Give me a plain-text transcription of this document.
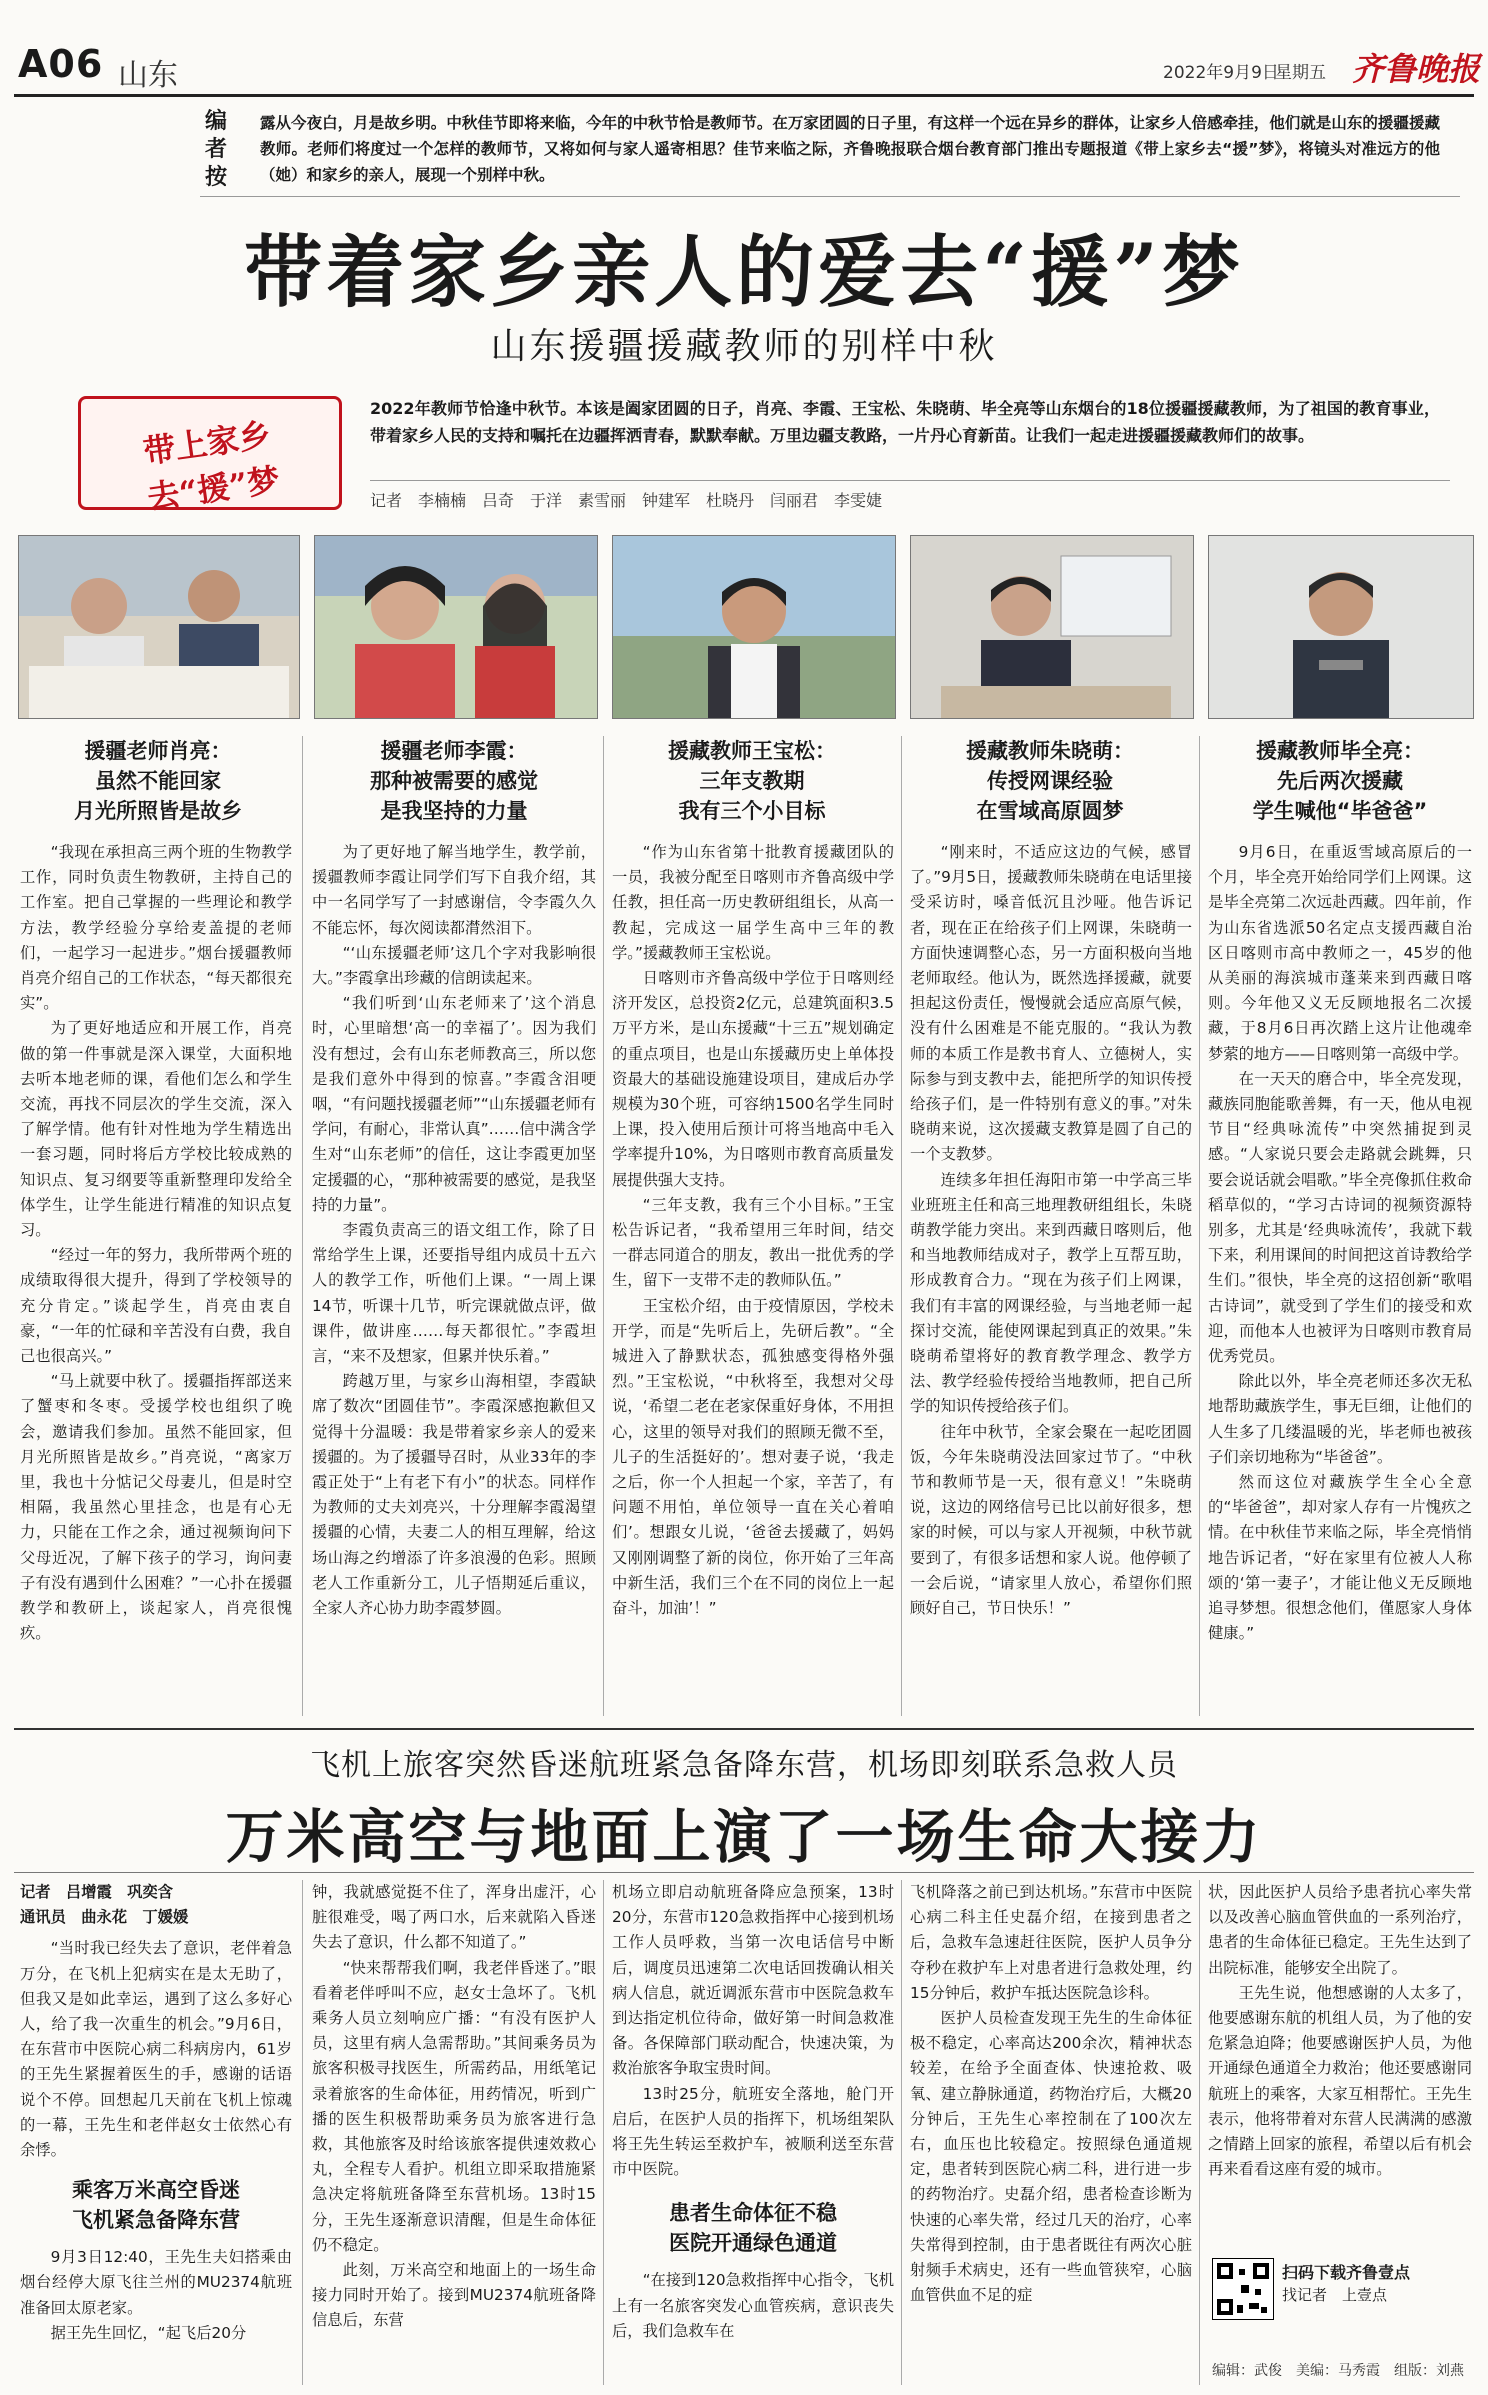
A06 山东	2022年9月9日
星期五 齐鲁晚报
编者按
露从今夜白，月是故乡明。中秋佳节即将来临，今年的中秋节恰是教师节。在万家团圆的日子里，有这样一个远在异乡的群体，让家乡人倍感牵挂，他们就是山东的援疆援藏教师。老师们将度过一个怎样的教师节，又将如何与家人遥寄相思？佳节来临之际，齐鲁晚报联合烟台教育部门推出专题报道《带上家乡去“援”梦》，将镜头对准远方的他（她）和家乡的亲人，展现一个别样中秋。
带着家乡亲人的爱去“援”梦
山东援疆援藏教师的别样中秋
带上家乡去“援”梦
2022年教师节恰逢中秋节。本该是阖家团圆的日子，肖亮、李霞、王宝松、朱晓萌、毕全亮等山东烟台的18位援疆援藏教师，为了祖国的教育事业，带着家乡人民的支持和嘱托在边疆挥洒青春，默默奉献。万里边疆支教路，一片丹心育新苗。让我们一起走进援疆援藏教师们的故事。
记者　李楠楠　吕奇　于洋　素雪丽　钟建军　杜晓丹　闫丽君　李雯婕
援疆老师肖亮：
虽然不能回家
月光所照皆是故乡
援疆老师李霞：
那种被需要的感觉
是我坚持的力量
援藏教师王宝松：
三年支教期
我有三个小目标
援藏教师朱晓萌：
传授网课经验
在雪域高原圆梦
援藏教师毕全亮：
先后两次援藏
学生喊他“毕爸爸”

“我现在承担高三两个班的生物教学工作，同时负责生物教研，主持自己的工作室。把自己掌握的一些理论和教学方法，教学经验分享给麦盖提的老师们，一起学习一起进步。”烟台援疆教师肖亮介绍自己的工作状态，“每天都很充实”。

为了更好地适应和开展工作，肖亮做的第一件事就是深入课堂，大面积地去听本地老师的课，看他们怎么和学生交流，再找不同层次的学生交流，深入了解学情。他有针对性地为学生精选出一套习题，同时将后方学校比较成熟的知识点、复习纲要等重新整理印发给全体学生，让学生能进行精准的知识点复习。

“经过一年的努力，我所带两个班的成绩取得很大提升，得到了学校领导的充分肯定。”谈起学生，肖亮由衷自豪，“一年的忙碌和辛苦没有白费，我自己也很高兴。”

“马上就要中秋了。援疆指挥部送来了蟹枣和冬枣。受援学校也组织了晚会，邀请我们参加。虽然不能回家，但月光所照皆是故乡。”肖亮说，“离家万里，我也十分惦记父母妻儿，但是时空相隔，我虽然心里挂念，也是有心无力，只能在工作之余，通过视频询问下父母近况，了解下孩子的学习，询问妻子有没有遇到什么困难？”一心扑在援疆教学和教研上，谈起家人，肖亮很愧疚。

为了更好地了解当地学生，教学前，援疆教师李霞让同学们写下自我介绍，其中一名同学写了一封感谢信，令李霞久久不能忘怀，每次阅读都潸然泪下。

“‘山东援疆老师’这几个字对我影响很大。”李霞拿出珍藏的信朗读起来。

“我们听到‘山东老师来了’这个消息时，心里暗想‘高一的幸福了’。因为我们没有想过，会有山东老师教高三，所以您是我们意外中得到的惊喜。”李霞含泪哽咽，“有问题找援疆老师”“山东援疆老师有学问，有耐心，非常认真”……信中满含学生对“山东老师”的信任，这让李霞更加坚定援疆的心，“那种被需要的感觉，是我坚持的力量”。

李霞负责高三的语文组工作，除了日常给学生上课，还要指导组内成员十五六人的教学工作，听他们上课。“一周上课14节，听课十几节，听完课就做点评，做课件，做讲座……每天都很忙。”李霞坦言，“来不及想家，但累并快乐着。”

跨越万里，与家乡山海相望，李霞缺席了数次“团圆佳节”。李霞深感抱歉但又觉得十分温暖：我是带着家乡亲人的爱来援疆的。为了援疆导召时，从业33年的李霞正处于“上有老下有小”的状态。同样作为教师的丈夫刘亮兴，十分理解李霞渴望援疆的心情，夫妻二人的相互理解，给这场山海之约增添了许多浪漫的色彩。照顾老人工作重新分工，儿子悟期延后重议，全家人齐心协力助李霞梦圆。

“作为山东省第十批教育援藏团队的一员，我被分配至日喀则市齐鲁高级中学任教，担任高一历史教研组组长，从高一教起，完成这一届学生高中三年的教学。”援藏教师王宝松说。

日喀则市齐鲁高级中学位于日喀则经济开发区，总投资2亿元，总建筑面积3.5万平方米，是山东援藏“十三五”规划确定的重点项目，也是山东援藏历史上单体投资最大的基础设施建设项目，建成后办学规模为30个班，可容纳1500名学生同时上课，投入使用后预计可将当地高中毛入学率提升10%，为日喀则市教育高质量发展提供强大支持。

“三年支教，我有三个小目标。”王宝松告诉记者，“我希望用三年时间，结交一群志同道合的朋友，教出一批优秀的学生，留下一支带不走的教师队伍。”

王宝松介绍，由于疫情原因，学校未开学，而是“先听后上，先研后教”。“全城进入了静默状态，孤独感变得格外强烈。”王宝松说，“中秋将至，我想对父母说，‘希望二老在老家保重好身体，不用担心，这里的领导对我们的照顾无微不至，儿子的生活挺好的’。想对妻子说，‘我走之后，你一个人担起一个家，辛苦了，有问题不用怕，单位领导一直在关心着咱们’。想跟女儿说，‘爸爸去援藏了，妈妈又刚刚调整了新的岗位，你开始了三年高中新生活，我们三个在不同的岗位上一起奋斗，加油’！”

“刚来时，不适应这边的气候，感冒了。”9月5日，援藏教师朱晓萌在电话里接受采访时，嗓音低沉且沙哑。他告诉记者，现在正在给孩子们上网课，朱晓萌一方面快速调整心态，另一方面积极向当地老师取经。他认为，既然选择援藏，就要担起这份责任，慢慢就会适应高原气候，没有什么困难是不能克服的。“我认为教师的本质工作是教书育人、立德树人，实际参与到支教中去，能把所学的知识传授给孩子们，是一件特别有意义的事。”对朱晓萌来说，这次援藏支教算是圆了自己的一个支教梦。

连续多年担任海阳市第一中学高三毕业班班主任和高三地理教研组组长，朱晓萌教学能力突出。来到西藏日喀则后，他和当地教师结成对子，教学上互帮互助，形成教育合力。“现在为孩子们上网课，我们有丰富的网课经验，与当地老师一起探讨交流，能使网课起到真正的效果。”朱晓萌希望将好的教育教学理念、教学方法、教学经验传授给当地教师，把自己所学的知识传授给孩子们。

往年中秋节，全家会聚在一起吃团圆饭，今年朱晓萌没法回家过节了。“中秋节和教师节是一天，很有意义！”朱晓萌说，这边的网络信号已比以前好很多，想家的时候，可以与家人开视频，中秋节就要到了，有很多话想和家人说。他停顿了一会后说，“请家里人放心，希望你们照顾好自己，节日快乐！”

9月6日，在重返雪域高原后的一个月，毕全亮开始给同学们上网课。这是毕全亮第二次远赴西藏。四年前，作为山东省选派50名定点支援西藏自治区日喀则市高中教师之一，45岁的他从美丽的海滨城市蓬莱来到西藏日喀则。今年他又义无反顾地报名二次援藏，于8月6日再次踏上这片让他魂牵梦萦的地方——日喀则第一高级中学。

在一天天的磨合中，毕全亮发现，藏族同胞能歌善舞，有一天，他从电视节目“经典咏流传”中突然捕捉到灵感。“人家说只要会走路就会跳舞，只要会说话就会唱歌。”毕全亮像抓住救命稻草似的，“学习古诗词的视频资源特别多，尤其是‘经典咏流传’，我就下载下来，利用课间的时间把这首诗教给学生们。”很快，毕全亮的这招创新“歌唱古诗词”，就受到了学生们的接受和欢迎，而他本人也被评为日喀则市教育局优秀党员。

除此以外，毕全亮老师还多次无私地帮助藏族学生，事无巨细，让他们的人生多了几缕温暖的光，毕老师也被孩子们亲切地称为“毕爸爸”。

然而这位对藏族学生全心全意的“毕爸爸”，却对家人存有一片愧疚之情。在中秋佳节来临之际，毕全亮悄悄地告诉记者，“好在家里有位被人人称颂的‘第一妻子’，才能让他义无反顾地追寻梦想。很想念他们，僅愿家人身体健康。”

飞机上旅客突然昏迷航班紧急备降东营，机场即刻联系急救人员
万米高空与地面上演了一场生命大接力
记者　吕增霞　巩奕含
通讯员　曲永花　丁媛媛

“当时我已经失去了意识，老伴着急万分，在飞机上犯病实在是太无助了，但我又是如此幸运，遇到了这么多好心人，给了我一次重生的机会。”9月6日，在东营市中医院心病二科病房内，61岁的王先生紧握着医生的手，感谢的话语说个不停。回想起几天前在飞机上惊魂的一幕，王先生和老伴赵女士依然心有余悸。

乘客万米高空昏迷
飞机紧急备降东营

9月3日12:40，王先生夫妇搭乘由烟台经停大原飞往兰州的MU2374航班准备回太原老家。

据王先生回忆，“起飞后20分

钟，我就感觉挺不住了，浑身出虚汗，心脏很难受，喝了两口水，后来就陷入昏迷失去了意识，什么都不知道了。”

“快来帮帮我们啊，我老伴昏迷了。”眼看着老伴呼叫不应，赵女士急坏了。飞机乘务人员立刻响应广播：“有没有医护人员，这里有病人急需帮助。”其间乘务员为旅客积极寻找医生，所需药品，用纸笔记录着旅客的生命体征，用药情况，听到广播的医生积极帮助乘务员为旅客进行急救，其他旅客及时给该旅客提供速效救心丸，全程专人看护。机组立即采取措施紧急决定将航班备降至东营机场。13时15分，王先生逐渐意识清醒，但是生命体征仍不稳定。

此刻，万米高空和地面上的一场生命接力同时开始了。接到MU2374航班备降信息后，东营

机场立即启动航班备降应急预案，13时20分，东营市120急救指挥中心接到机场工作人员呼救，当第一次电话信号中断后，调度员迅速第二次电话回拨确认相关病人信息，就近调派东营市中医院急救车到达指定机位待命，做好第一时间急救准备。各保障部门联动配合，快速决策，为救治旅客争取宝贵时间。

13时25分，航班安全落地，舱门开启后，在医护人员的指挥下，机场组架队将王先生转运至救护车，被顺利送至东营市中医院。

患者生命体征不稳
医院开通绿色通道

“在接到120急救指挥中心指令，飞机上有一名旅客突发心血管疾病，意识丧失后，我们急救车在

飞机降落之前已到达机场。”东营市中医院心病二科主任史磊介绍，在接到患者之后，急救车急速赶往医院，医护人员争分夺秒在救护车上对患者进行急救处理，约15分钟后，救护车抵达医院急诊科。

医护人员检查发现王先生的生命体征极不稳定，心率高达200余次，精神状态较差，在给予全面查体、快速抢救、吸氧、建立静脉通道，药物治疗后，大概20分钟后，王先生心率控制在了100次左右，血压也比较稳定。按照绿色通道规定，患者转到医院心病二科，进行进一步的药物治疗。史磊介绍，患者检查诊断为快速的心率失常，经过几天的治疗，心率失常得到控制，由于患者既往有两次心脏射频手术病史，还有一些血管狭窄，心脑血管供血不足的症

状，因此医护人员给予患者抗心率失常以及改善心脑血管供血的一系列治疗，患者的生命体征已稳定。王先生达到了出院标准，能够安全出院了。

王先生说，他想感谢的人太多了，他要感谢东航的机组人员，为了他的安危紧急迫降；他要感谢医护人员，为他开通绿色通道全力救治；他还要感谢同航班上的乘客，大家互相帮忙。王先生表示，他将带着对东营人民满满的感激之情踏上回家的旅程，希望以后有机会再来看看这座有爱的城市。

扫码下载齐鲁壹点
找记者　上壹点
编辑：武俊　美编：马秀霞　组版：刘燕
